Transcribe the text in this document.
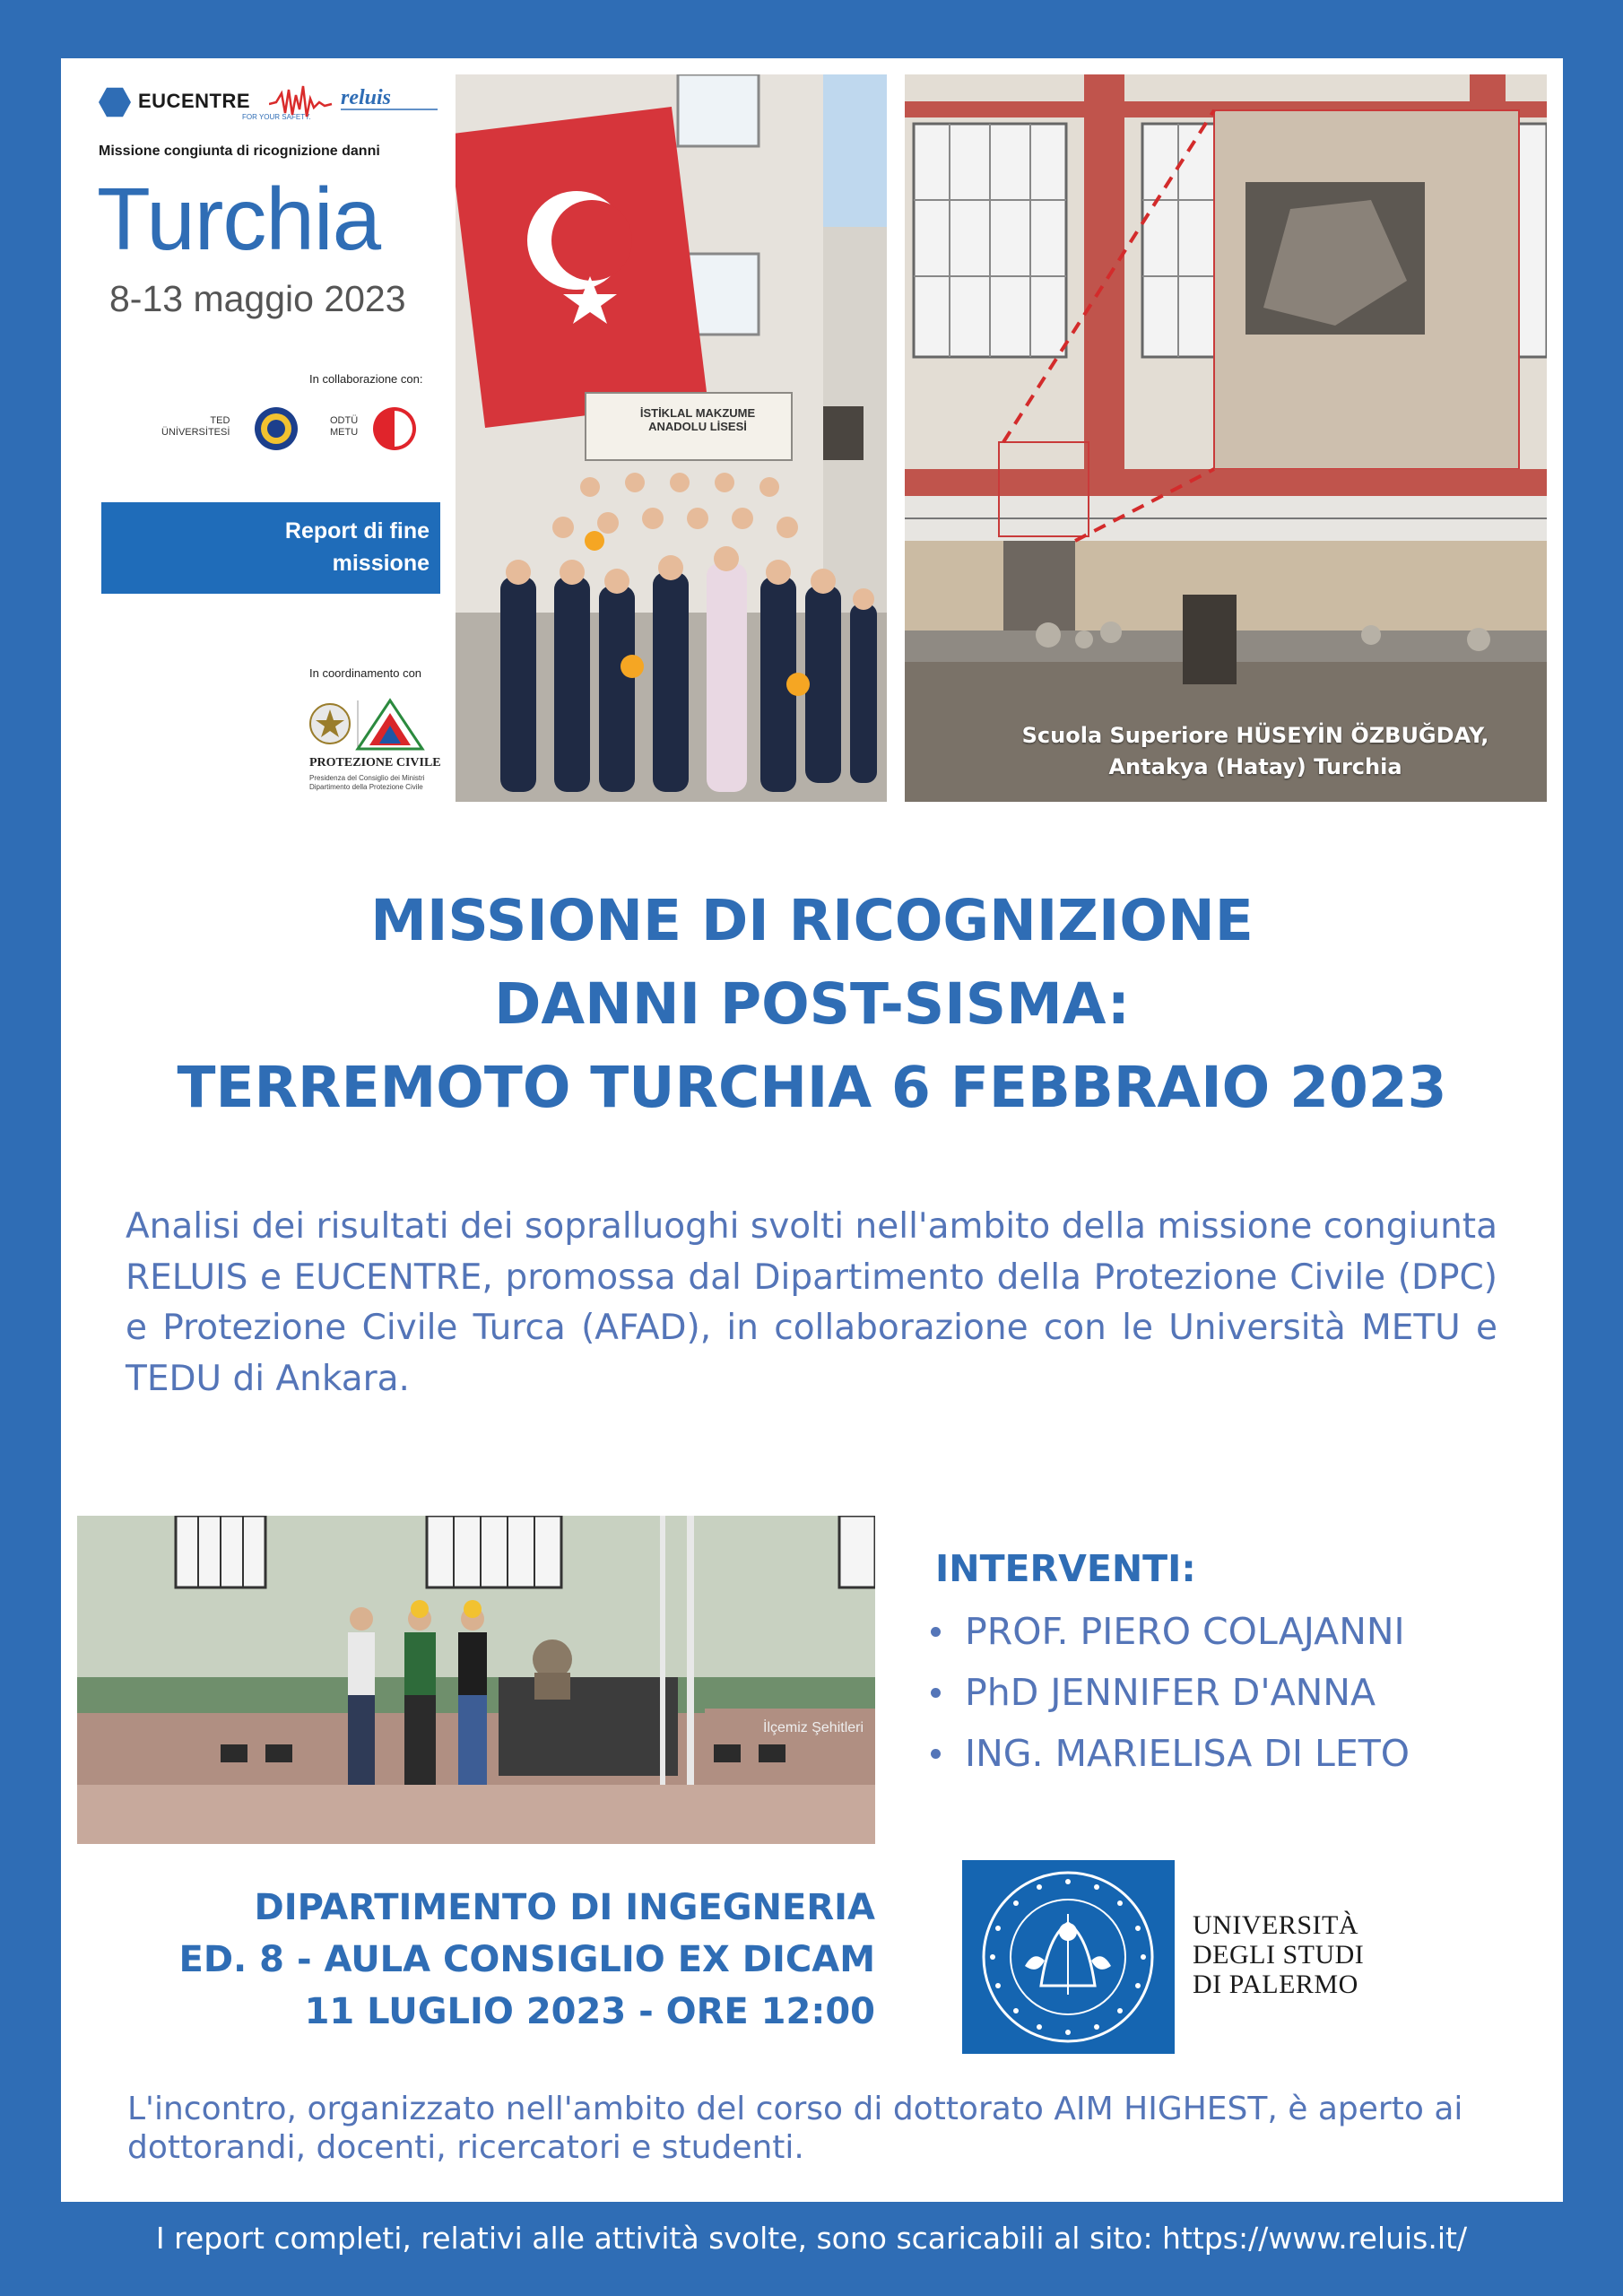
EUCENTRE
FOR YOUR SAFETY.
reluis
Missione congiunta di ricognizione danni
Turchia
8-13 maggio 2023
In collaborazione con:
TED
ÜNİVERSİTESİ
ODTÜ
METU
Report di fine
missione
In coordinamento con
PROTEZIONE CIVILE
Presidenza del Consiglio dei Ministri Dipartimento della Protezione Civile
İSTİKLAL MAKZUME
ANADOLU LİSESİ
Scuola Superiore HÜSEYİN ÖZBUĞDAY,
Antakya (Hatay) Turchia
MISSIONE DI RICOGNIZIONE
DANNI POST-SISMA:
TERREMOTO TURCHIA 6 FEBBRAIO 2023
Analisi dei risultati dei sopralluoghi svolti nell'ambito della missione congiunta RELUIS e EUCENTRE, promossa dal Dipartimento della Protezione Civile (DPC) e Protezione Civile Turca (AFAD), in collaborazione con le Università METU e TEDU di Ankara.
İlçemiz Şehitleri
INTERVENTI:
PROF. PIERO COLAJANNI
PhD JENNIFER D'ANNA
ING. MARIELISA DI LETO
DIPARTIMENTO DI INGEGNERIA
ED. 8 - AULA CONSIGLIO EX DICAM
11 LUGLIO 2023 - ORE 12:00
UNIVERSITÀ
DEGLI STUDI
DI PALERMO
L'incontro, organizzato nell'ambito del corso di dottorato AIM HIGHEST, è aperto ai dottorandi, docenti, ricercatori e studenti.
I report completi, relativi alle attività svolte, sono scaricabili al sito: https://www.reluis.it/
